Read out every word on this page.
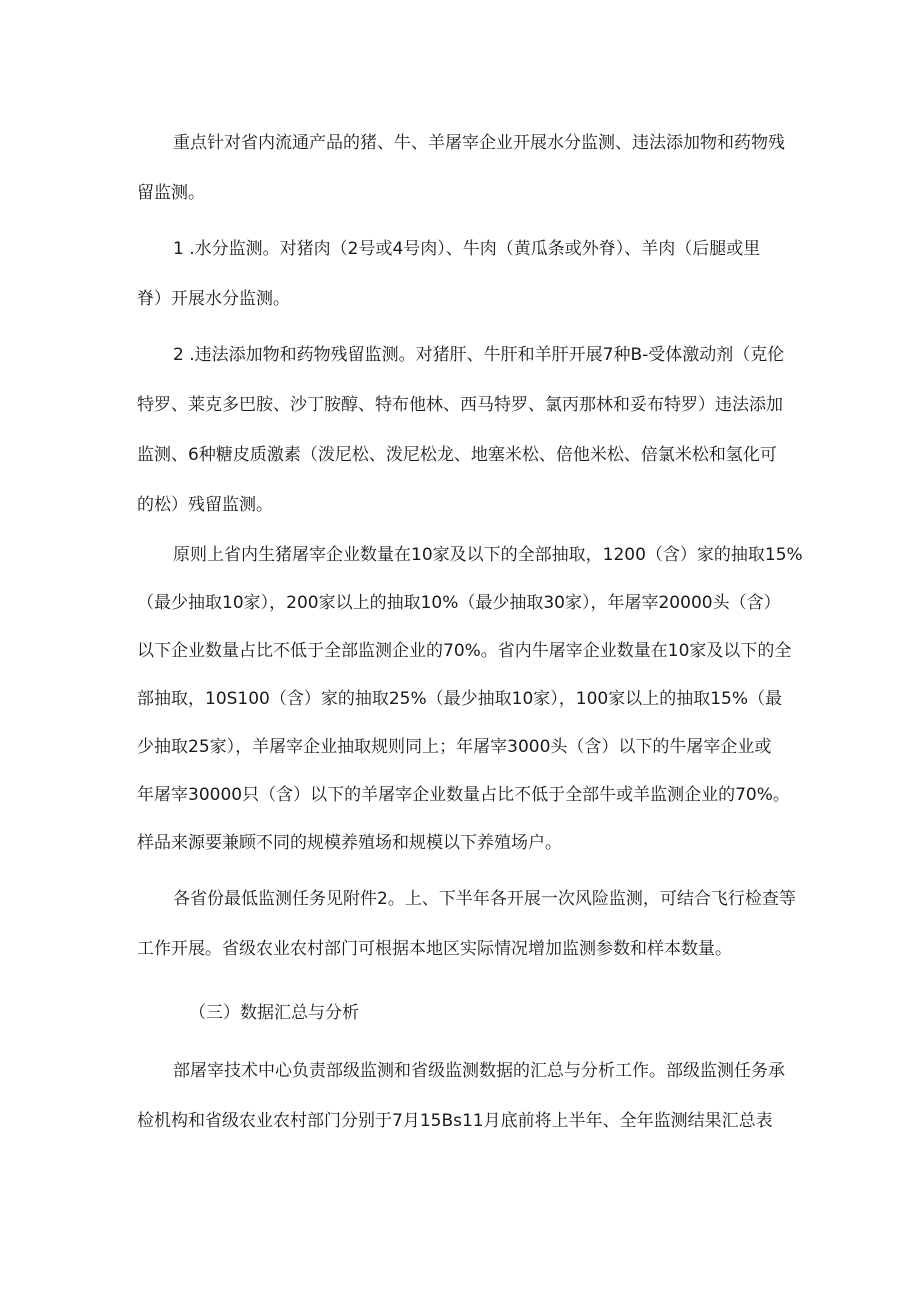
重点针对省内流通产品的猪、牛、羊屠宰企业开展水分监测、违法添加物和药物残
留监测。
1 .水分监测。对猪肉（2号或4号肉）、牛肉（黄瓜条或外脊）、羊肉（后腿或里
脊）开展水分监测。
2 .违法添加物和药物残留监测。对猪肝、牛肝和羊肝开展7种B-受体激动剂（克伦
特罗、莱克多巴胺、沙丁胺醇、特布他林、西马特罗、氯丙那林和妥布特罗）违法添加
监测、6种糖皮质激素（泼尼松、泼尼松龙、地塞米松、倍他米松、倍氯米松和氢化可
的松）残留监测。
原则上省内生猪屠宰企业数量在10家及以下的全部抽取，1200（含）家的抽取15%
（最少抽取10家），200家以上的抽取10%（最少抽取30家），年屠宰20000头（含）
以下企业数量占比不低于全部监测企业的70%。省内牛屠宰企业数量在10家及以下的全
部抽取，10S100（含）家的抽取25%（最少抽取10家），100家以上的抽取15%（最
少抽取25家），羊屠宰企业抽取规则同上；年屠宰3000头（含）以下的牛屠宰企业或
年屠宰30000只（含）以下的羊屠宰企业数量占比不低于全部牛或羊监测企业的70%。
样品来源要兼顾不同的规模养殖场和规模以下养殖场户。
各省份最低监测任务见附件2。上、下半年各开展一次风险监测，可结合飞行检查等
工作开展。省级农业农村部门可根据本地区实际情况增加监测参数和样本数量。
（三）数据汇总与分析
部屠宰技术中心负责部级监测和省级监测数据的汇总与分析工作。部级监测任务承
检机构和省级农业农村部门分别于7月15Bs11月底前将上半年、全年监测结果汇总表
